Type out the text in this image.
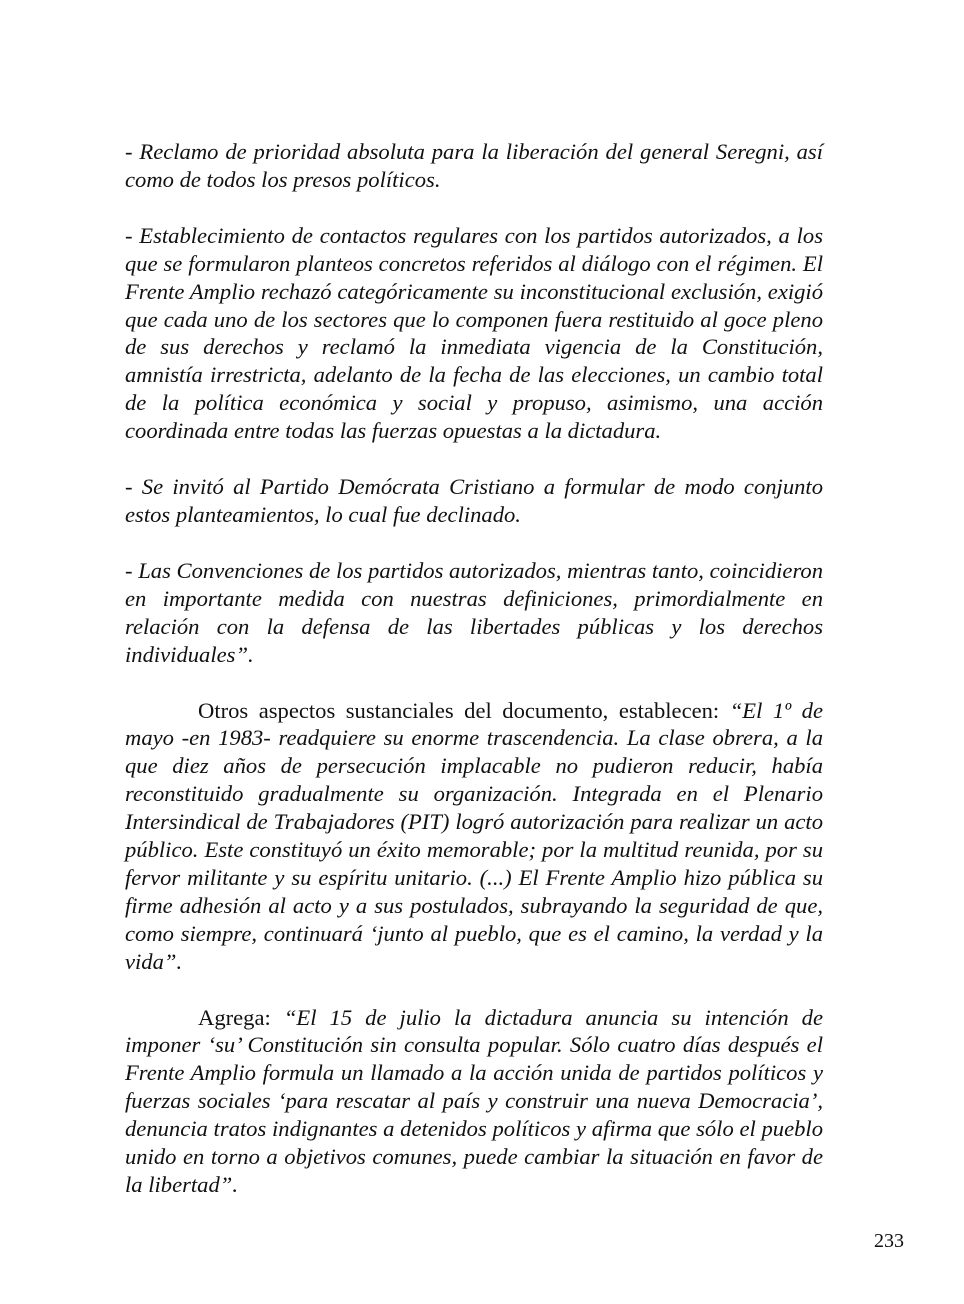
- Reclamo de prioridad absoluta para la liberación del general Seregni, así como de todos los presos políticos.

- Establecimiento de contactos regulares con los partidos autorizados, a los que se formularon planteos concretos referidos al diálogo con el régimen. El Frente Amplio rechazó categóricamente su inconstitucional exclusión, exigió que cada uno de los sectores que lo componen fuera restituido al goce pleno de sus derechos y reclamó la inmediata vigencia de la Constitución, amnistía irrestricta, adelanto de la fecha de las elecciones, un cambio total de la política económica y social y propuso, asimismo, una acción coordinada entre todas las fuerzas opuestas a la dictadura.

- Se invitó al Partido Demócrata Cristiano a formular de modo conjunto estos planteamientos, lo cual fue declinado.

- Las Convenciones de los partidos autorizados, mientras tanto, coincidieron en importante medida con nuestras definiciones, primordialmente en relación con la defensa de las libertades públicas y los derechos individuales”.

Otros aspectos sustanciales del documento, establecen: “El 1º de mayo -en 1983- readquiere su enorme trascendencia. La clase obrera, a la que diez años de persecución implacable no pudieron reducir, había reconstituido gradualmente su organización. Integrada en el Plenario Intersindical de Trabajadores (PIT) logró autorización para realizar un acto público. Este constituyó un éxito memorable; por la multitud reunida, por su fervor militante y su espíritu unitario. (...) El Frente Amplio hizo pública su firme adhesión al acto y a sus postulados, subrayando la seguridad de que, como siempre, continuará ‘junto al pueblo, que es el camino, la verdad y la vida”.

Agrega: “El 15 de julio la dictadura anuncia su intención de imponer ‘su’ Constitución sin consulta popular. Sólo cuatro días después el Frente Amplio formula un llamado a la acción unida de partidos políticos y fuerzas sociales ‘para rescatar al país y construir una nueva Democracia’, denuncia tratos indignantes a detenidos políticos y afirma que sólo el pueblo unido en torno a objetivos comunes, puede cambiar la situación en favor de la libertad”.

233
